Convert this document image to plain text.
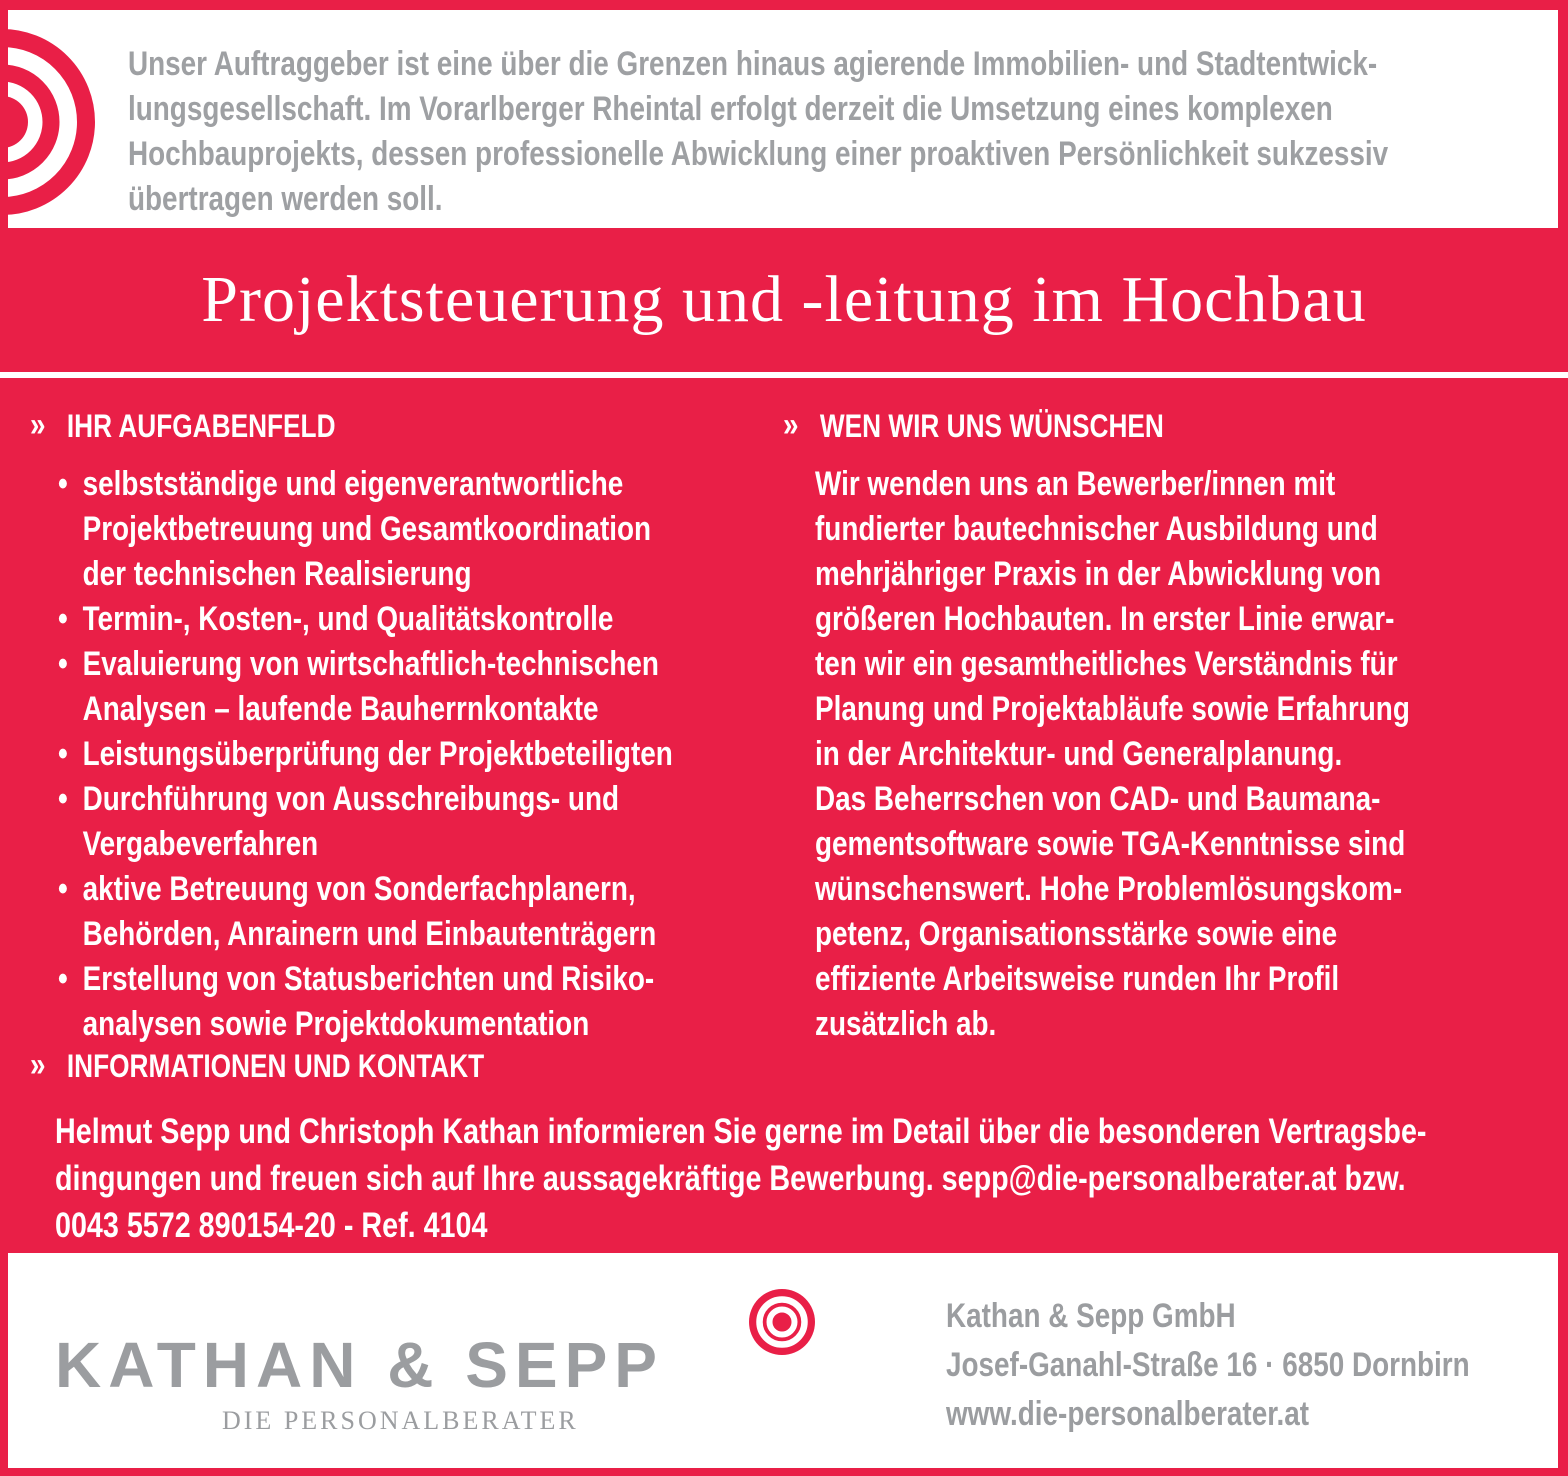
Unser Auftraggeber ist eine über die Grenzen hinaus agierende Immobilien- und Stadtentwick-
lungsgesellschaft. Im Vorarlberger Rheintal erfolgt derzeit die Umsetzung eines komplexen
Hochbauprojekts, dessen professionelle Abwicklung einer proaktiven Persönlichkeit sukzessiv
übertragen werden soll.
Projektsteuerung und -leitung im Hochbau
» IHR AUFGABENFELD
• selbstständige und eigenverantwortliche
Projektbetreuung und Gesamtkoordination
der technischen Realisierung
• Termin-, Kosten-, und Qualitätskontrolle
• Evaluierung von wirtschaftlich-technischen
Analysen – laufende Bauherrnkontakte
• Leistungsüberprüfung der Projektbeteiligten
• Durchführung von Ausschreibungs- und
Vergabeverfahren
• aktive Betreuung von Sonderfachplanern,
Behörden, Anrainern und Einbautenträgern
• Erstellung von Statusberichten und Risiko-
analysen sowie Projektdokumentation
» WEN WIR UNS WÜNSCHEN
Wir wenden uns an Bewerber/innen mit
fundierter bautechnischer Ausbildung und
mehrjähriger Praxis in der Abwicklung von
größeren Hochbauten. In erster Linie erwar-
ten wir ein gesamtheitliches Verständnis für
Planung und Projektabläufe sowie Erfahrung
in der Architektur- und Generalplanung.
Das Beherrschen von CAD- und Baumana-
gementsoftware sowie TGA-Kenntnisse sind
wünschenswert. Hohe Problemlösungskom-
petenz, Organisationsstärke sowie eine
effiziente Arbeitsweise runden Ihr Profil
zusätzlich ab.
» INFORMATIONEN UND KONTAKT
Helmut Sepp und Christoph Kathan informieren Sie gerne im Detail über die besonderen Vertragsbe-
dingungen und freuen sich auf Ihre aussagekräftige Bewerbung. sepp@die-personalberater.at bzw.
0043 5572 890154-20 - Ref. 4104
KATHAN & SEPP
DIE PERSONALBERATER
Kathan & Sepp GmbH
Josef-Ganahl-Straße 16 · 6850 Dornbirn
www.die-personalberater.at
